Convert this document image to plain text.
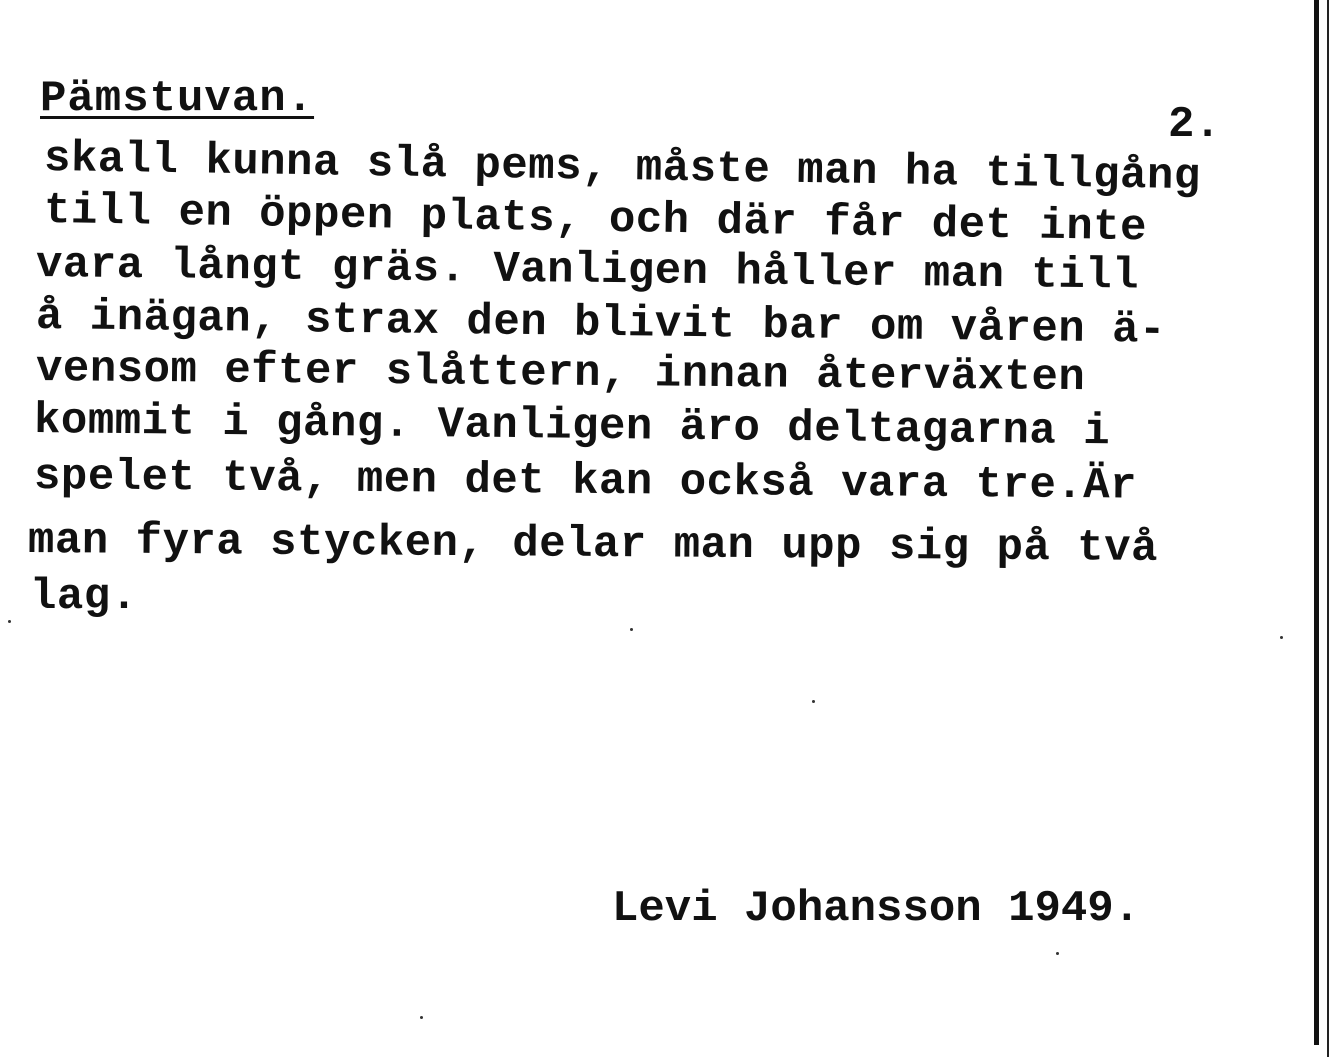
Pämstuvan.
2.
skall kunna slå pems, måste man ha tillgång
till en öppen plats, och där får det inte
vara långt gräs. Vanligen håller man till
å inägan, strax den blivit bar om våren ä-
vensom efter slåttern, innan återväxten
kommit i gång. Vanligen äro deltagarna i
spelet två, men det kan också vara tre.Är
man fyra stycken, delar man upp sig på två
lag.
Levi Johansson 1949.
